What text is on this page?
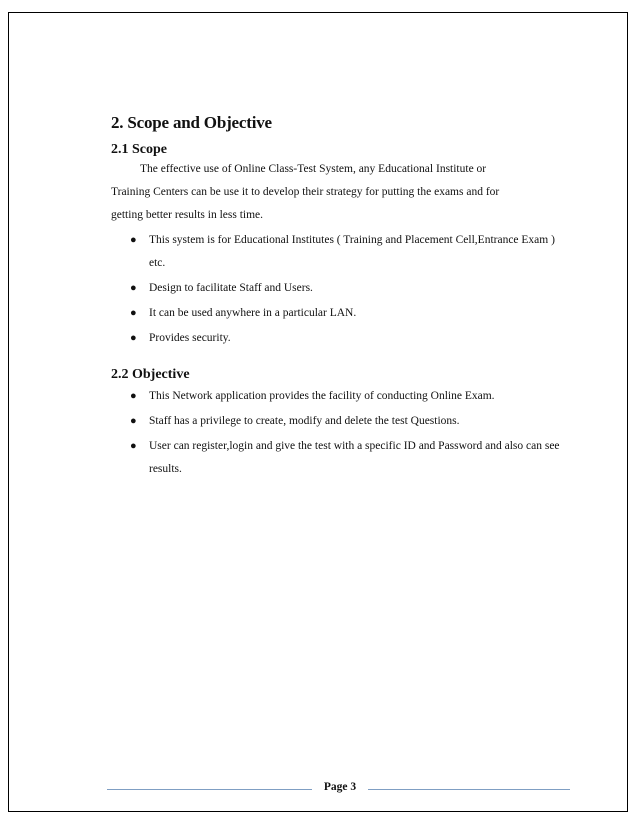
2. Scope and Objective
2.1 Scope
The effective use of Online Class-Test System, any Educational Institute or
Training Centers can be use it to develop their strategy for putting the exams and for
getting better results in less time.
● This system is for Educational Institutes ( Training and Placement Cell,Entrance Exam ) etc.
● Design to facilitate Staff and Users.
● It can be used anywhere in a particular LAN.
● Provides security.
2.2 Objective
● This Network application provides the facility of conducting Online Exam.
● Staff has a privilege to create, modify and delete the test Questions.
● User can register,login and give the test with a specific ID and Password and also can see results.
Page 3
